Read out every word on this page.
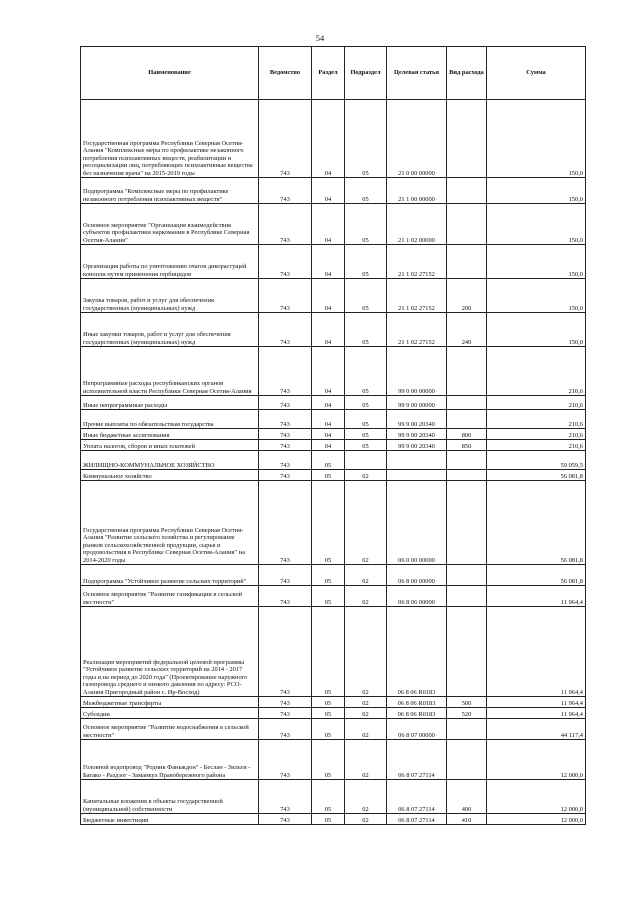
54
Наименование	Ведомство	Раздел	Подраздел	Целевая статья	Вид расхода	Сумма
Государственная программа Республики Северная Осетия-Алания "Комплексные меры по профилактике незаконного потребления психоактивных веществ, реабилитации и ресоциализации лиц, потребляющих психоактивные вещества без назначения врача" на 2015-2019 годы	743	04	05	21 0 00 00000		150,0
Подпрограмма "Комплексные меры по профилактике незаконного потребления психоактивных веществ"	743	04	05	21 1 00 00000		150,0
Основное мероприятие "Организация взаимодействия субъектов профилактики наркомании в Республике Северная Осетия-Алания"	743	04	05	21 1 02 00000		150,0
Организация работы по уничтожению очагов дикорастущей конопли путем применения гербицидов	743	04	05	21 1 02 27152		150,0
Закупка товаров, работ и услуг для обеспечения государственных (муниципальных) нужд	743	04	05	21 1 02 27152	200	150,0
Иные закупки товаров, работ и услуг для обеспечения государственных (муниципальных) нужд	743	04	05	21 1 02 27152	240	150,0
Непрограммные расходы республиканских органов исполнительной власти Республики Северная Осетия-Алания	743	04	05	99 0 00 00000		210,6
Иные непрограммные расходы	743	04	05	99 9 00 00000		210,6
Прочие выплаты по обязательствам государства	743	04	05	99 9 00 20340		210,6
Иные бюджетные ассигнования	743	04	05	99 9 00 20340	800	210,6
Уплата налогов, сборов и иных платежей	743	04	05	99 9 00 20340	850	210,6
ЖИЛИЩНО-КОММУНАЛЬНОЕ ХОЗЯЙСТВО	743	05				59 059,5
Коммунальное хозяйство	743	05	02			56 081,8
Государственная программа Республики Северная Осетия-Алания "Развитие сельского хозяйства и регулирование рынков сельскохозяйственной продукции, сырья и продовольствия в Республике Северная Осетия-Алания" на 2014-2020 годы	743	05	02	06 0 00 00000		56 081,8
Подпрограмма "Устойчивое развитие сельских территорий"	743	05	02	06 8 00 00000		56 081,8
Основное мероприятие "Развитие газификации в сельской местности"	743	05	02	06 8 06 00000		11 964,4
Реализация мероприятий федеральной целевой программы "Устойчивое развитие сельских территорий на 2014 - 2017 годы и на период до 2020 года" (Проектирование наружного газопровода среднего и низкого давления по адресу: РСО-Алания Пригородный район с. Ир-Восход)	743	05	02	06 8 06 R0183		11 964,4
Межбюджетные трансферты	743	05	02	06 8 06 R0183	500	11 964,4
Субсидии	743	05	02	06 8 06 R0183	520	11 964,4
Основное мероприятие "Развитие водоснабжения в сельской местности"	743	05	02	06 8 07 00000		44 117,4
Головной водопровод "Родник Фаныкдон" - Беслан - Зильги - Батако - Раздзог - Заманкул Правобережного района	743	05	02	06 8 07 27114		12 000,0
Капитальные вложения в объекты государственной (муниципальной) собственности	743	05	02	06 8 07 27114	400	12 000,0
Бюджетные инвестиции	743	05	02	06 8 07 27114	410	12 000,0
